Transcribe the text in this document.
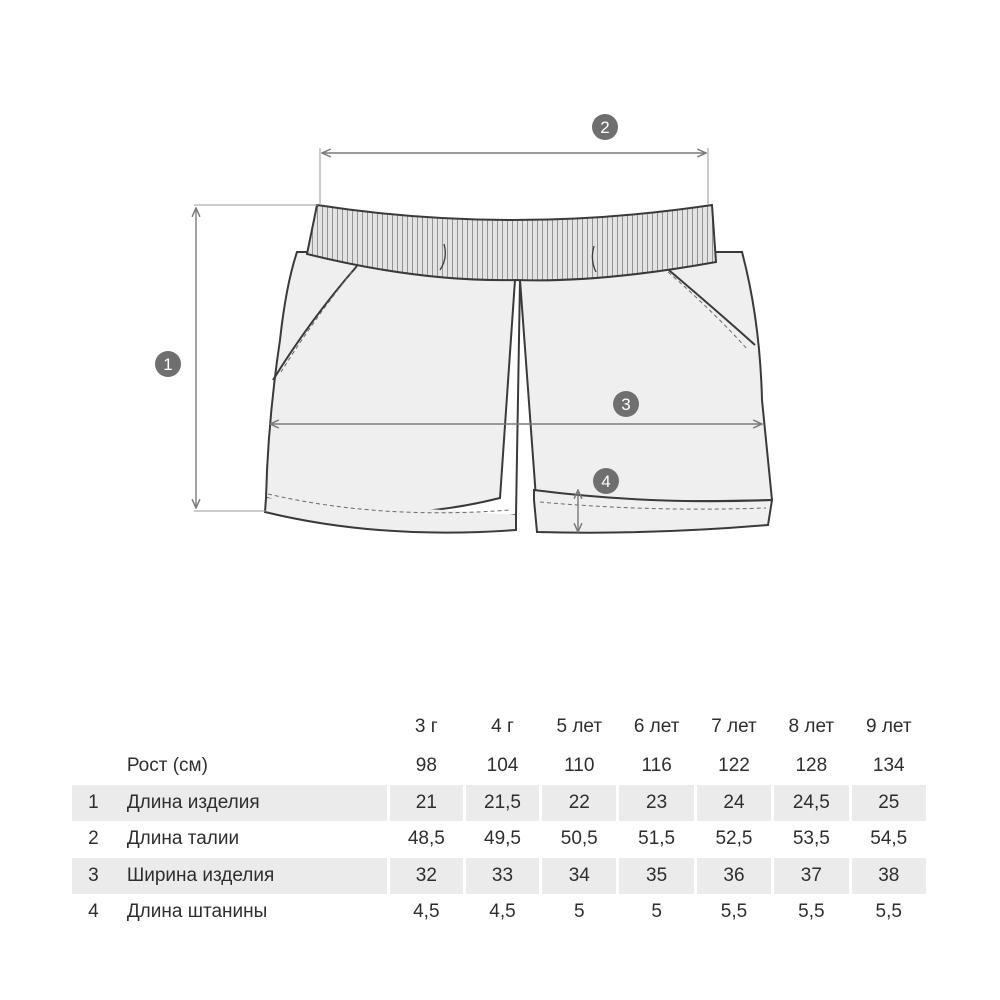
1
2
3
4
		3 г	4 г	5 лет	6 лет	7 лет	8 лет	9 лет
	Рост (см)	98	104	110	116	122	128	134
1	Длина изделия	21	21,5	22	23	24	24,5	25
2	Длина талии	48,5	49,5	50,5	51,5	52,5	53,5	54,5
3	Ширина изделия	32	33	34	35	36	37	38
4	Длина штанины	4,5	4,5	5	5	5,5	5,5	5,5
